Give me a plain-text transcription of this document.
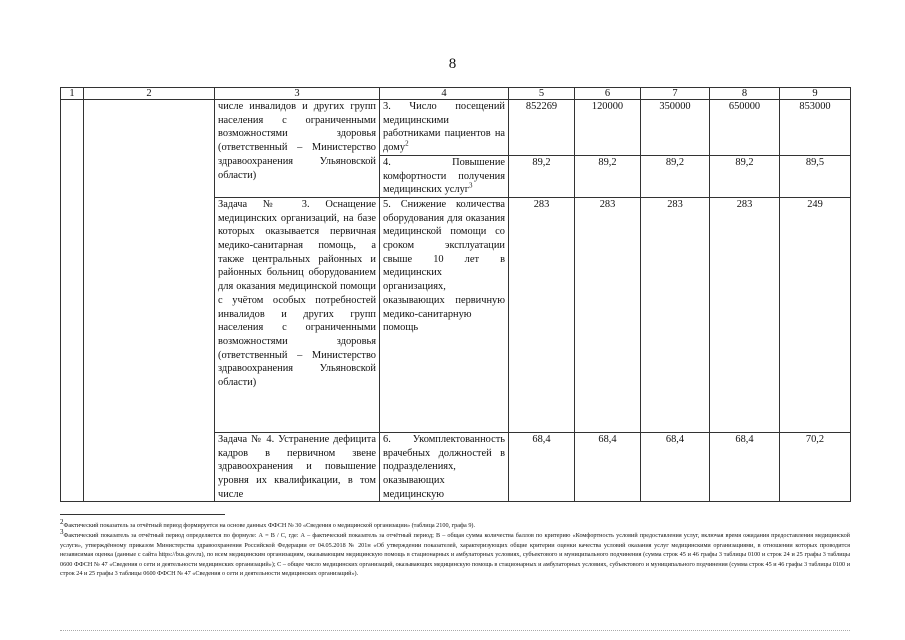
8
1	2	3	4	5	6	7	8	9
		числе инвалидов и других групп населения с ограниченными возможностями здоровья (ответственный – Министерство здравоохранения Ульяновской области)	3. Число посещений медицинскими работниками пациентов на дому$^2$	852269	120000	350000	650000	853000
			4. Повышение комфортности получения медицинских услуг$^3$	89,2	89,2	89,2	89,2	89,5
		Задача № 3. Оснащение медицинских организаций, на базе которых оказывается первичная медико-санитарная помощь, а также центральных районных и районных больниц оборудованием для оказания медицинской помощи с учётом особых потребностей инвалидов и других групп населения с ограниченными возможностями здоровья (ответственный – Министерство здравоохранения Ульяновской области)	5. Снижение количества оборудования для оказания медицинской помощи со сроком эксплуатации свыше 10 лет в медицинских организациях, оказывающих первичную медико-санитарную помощь	283	283	283	283	249
		Задача № 4. Устранение дефицита кадров в первичном звене здравоохранения и повышение уровня их квалификации, в том числе	6. Укомплектованность врачебных должностей в подразделениях, оказывающих медицинскую	68,4	68,4	68,4	68,4	70,2
$^2$Фактический показатель за отчётный период формируется на основе данных ФФСН № 30 «Сведения о медицинской организации» (таблица 2100, графа 9).
$^3$Фактический показатель за отчётный период определяется по формуле: А = В / С, где: А – фактический показатель за отчётный период; В – общая сумма количества баллов по критерию «Комфортность условий предоставления услуг, включая время ожидания предоставления медицинской услуги», утверждённому приказом Министерства здравоохранения Российской Федерации от 04.05.2018 № 201н «Об утверждении показателей, характеризующих общие критерии оценки качества условий оказания услуг медицинскими организациями, в отношении которых проводится независимая оценка (данные с сайта https://bus.gov.ru), по всем медицинским организациям, оказывающим медицинскую помощь в стационарных и амбулаторных условиях, субъектового и муниципального подчинения (сумма строк 45 и 46 графы 3 таблицы 0100 и строк 24 и 25 графы 3 таблицы 0600 ФФСН № 47 «Сведения о сети и деятельности медицинских организаций»); С – общее число медицинских организаций, оказывающих медицинскую помощь в стационарных и амбулаторных условиях, субъектового и муниципального подчинения (сумма строк 45 и 46 графы 3 таблицы 0100 и строк 24 и 25 графы 3 таблицы 0600 ФФСН № 47 «Сведения о сети и деятельности медицинских организаций»).
